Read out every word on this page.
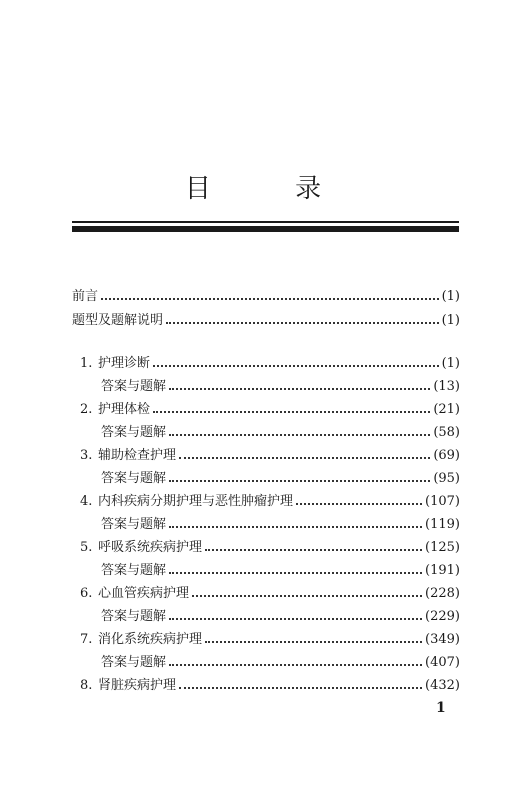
目 录
前言	(1)
题型及题解说明	(1)
1. 护理诊断	(1)
答案与题解	(13)
2. 护理体检	(21)
答案与题解	(58)
3. 辅助检查护理	(69)
答案与题解	(95)
4. 内科疾病分期护理与恶性肿瘤护理	(107)
答案与题解	(119)
5. 呼吸系统疾病护理	(125)
答案与题解	(191)
6. 心血管疾病护理	(228)
答案与题解	(229)
7. 消化系统疾病护理	(349)
答案与题解	(407)
8. 肾脏疾病护理	(432)
1
